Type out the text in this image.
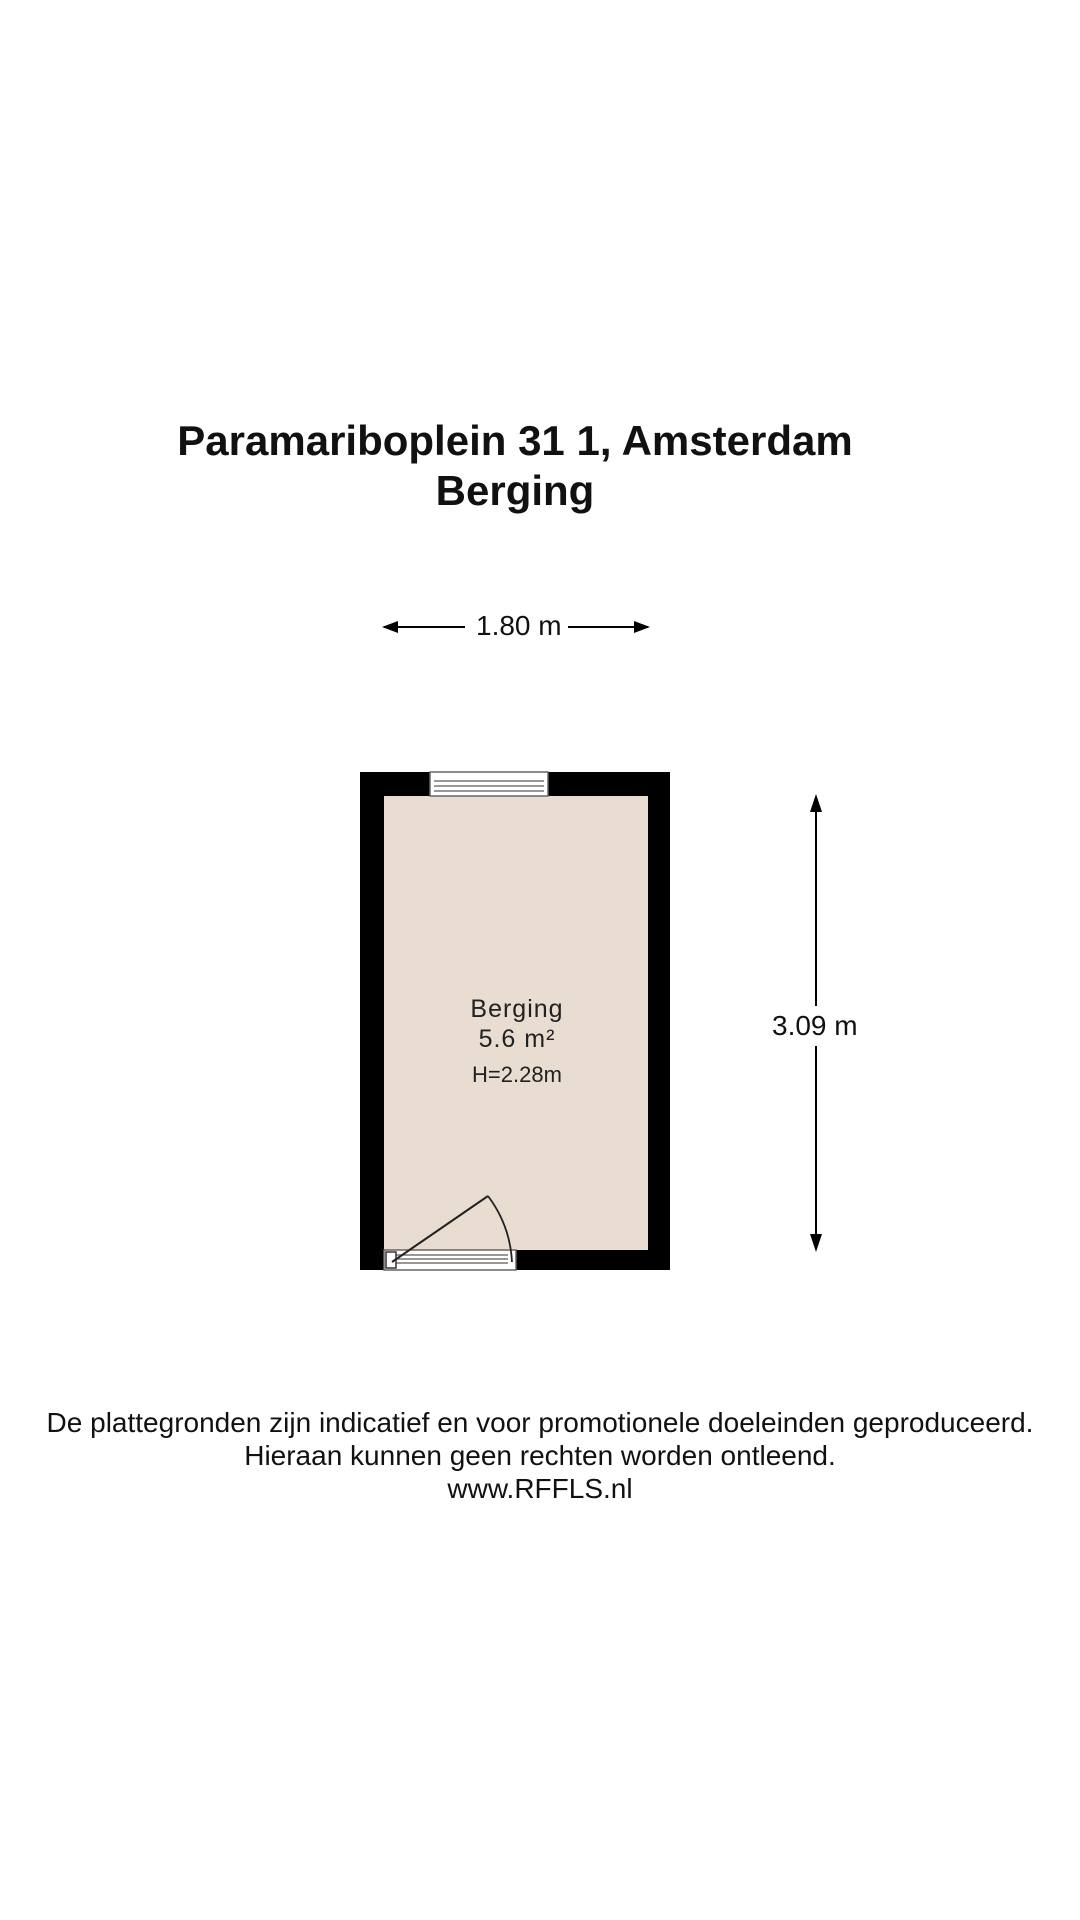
Paramariboplein 31 1, Amsterdam
Berging
1.80 m
3.09 m
Berging
5.6 m²
H=2.28m
De plattegronden zijn indicatief en voor promotionele doeleinden geproduceerd.
Hieraan kunnen geen rechten worden ontleend.
www.RFFLS.nl
